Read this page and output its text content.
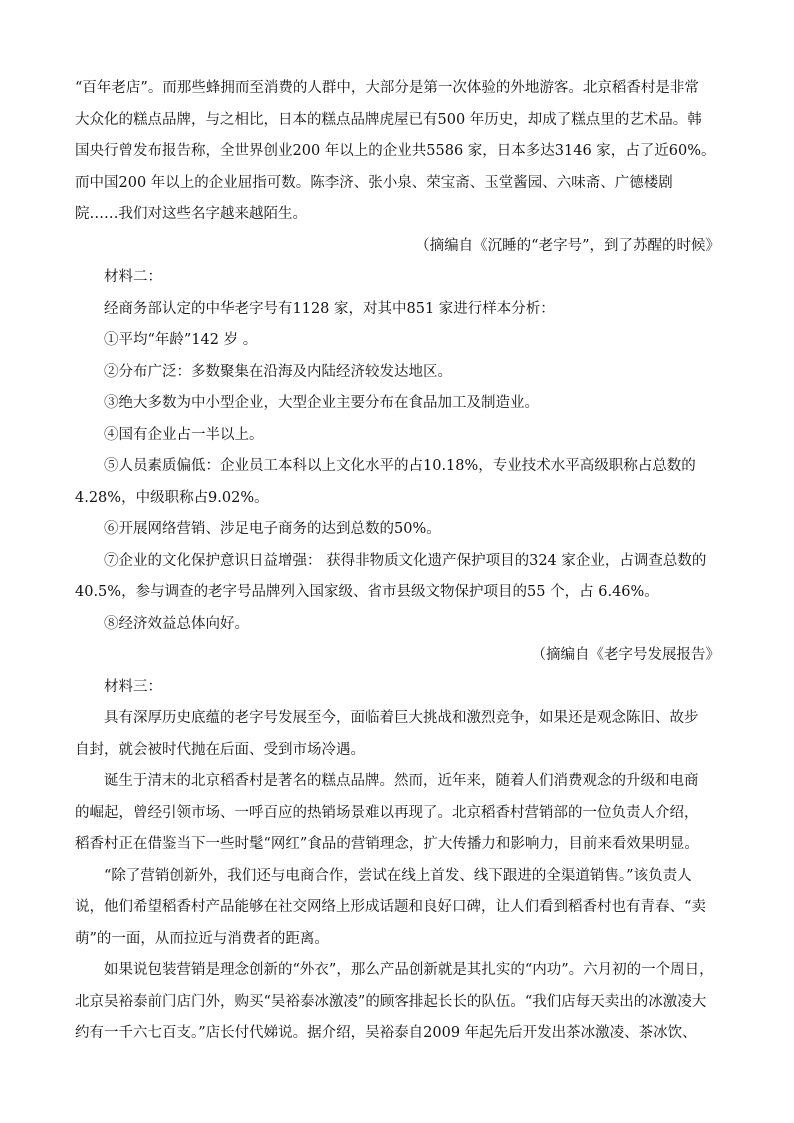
“百年老店”。而那些蜂拥而至消费的人群中，大部分是第一次体验的外地游客。北京稻香村是非常
大众化的糕点品牌，与之相比，日本的糕点品牌虎屋已有500 年历史，却成了糕点里的艺术品。韩
国央行曾发布报告称，全世界创业200 年以上的企业共5586 家，日本多达3146 家，占了近60%。
而中国200 年以上的企业屈指可数。陈李济、张小泉、荣宝斋、玉堂酱园、六味斋、广德楼剧
院……我们对这些名字越来越陌生。
（摘编自《沉睡的“老字号”，到了苏醒的时候》
材料二：
经商务部认定的中华老字号有1128 家，对其中851 家进行样本分析：
①平均“年龄”142 岁 。
②分布广泛：多数聚集在沿海及内陆经济较发达地区。
③绝大多数为中小型企业，大型企业主要分布在食品加工及制造业。
④国有企业占一半以上。
⑤人员素质偏低：企业员工本科以上文化水平的占10.18%，专业技术水平高级职称占总数的
4.28%，中级职称占9.02%。
⑥开展网络营销、涉足电子商务的达到总数的50%。
⑦企业的文化保护意识日益增强： 获得非物质文化遗产保护项目的324 家企业，占调查总数的
40.5%，参与调查的老字号品牌列入国家级、省市县级文物保护项目的55 个，占 6.46%。
⑧经济效益总体向好。
（摘编自《老字号发展报告》
材料三：
具有深厚历史底蕴的老字号发展至今，面临着巨大挑战和激烈竞争，如果还是观念陈旧、故步
自封，就会被时代抛在后面、受到市场冷遇。
诞生于清末的北京稻香村是著名的糕点品牌。然而，近年来，随着人们消费观念的升级和电商
的崛起，曾经引领市场、一呼百应的热销场景难以再现了。北京稻香村营销部的一位负责人介绍，
稻香村正在借鉴当下一些时髦“网红”食品的营销理念，扩大传播力和影响力，目前来看效果明显。
“除了营销创新外，我们还与电商合作，尝试在线上首发、线下跟进的全渠道销售。”该负责人
说，他们希望稻香村产品能够在社交网络上形成话题和良好口碑，让人们看到稻香村也有青春、“卖
萌”的一面，从而拉近与消费者的距离。
如果说包装营销是理念创新的“外衣”，那么产品创新就是其扎实的“内功”。六月初的一个周日，
北京吴裕泰前门店门外，购买“吴裕泰冰激凌”的顾客排起长长的队伍。“我们店每天卖出的冰激凌大
约有一千六七百支。”店长付代娣说。据介绍，吴裕泰自2009 年起先后开发出茶冰激凌、茶冰饮、
